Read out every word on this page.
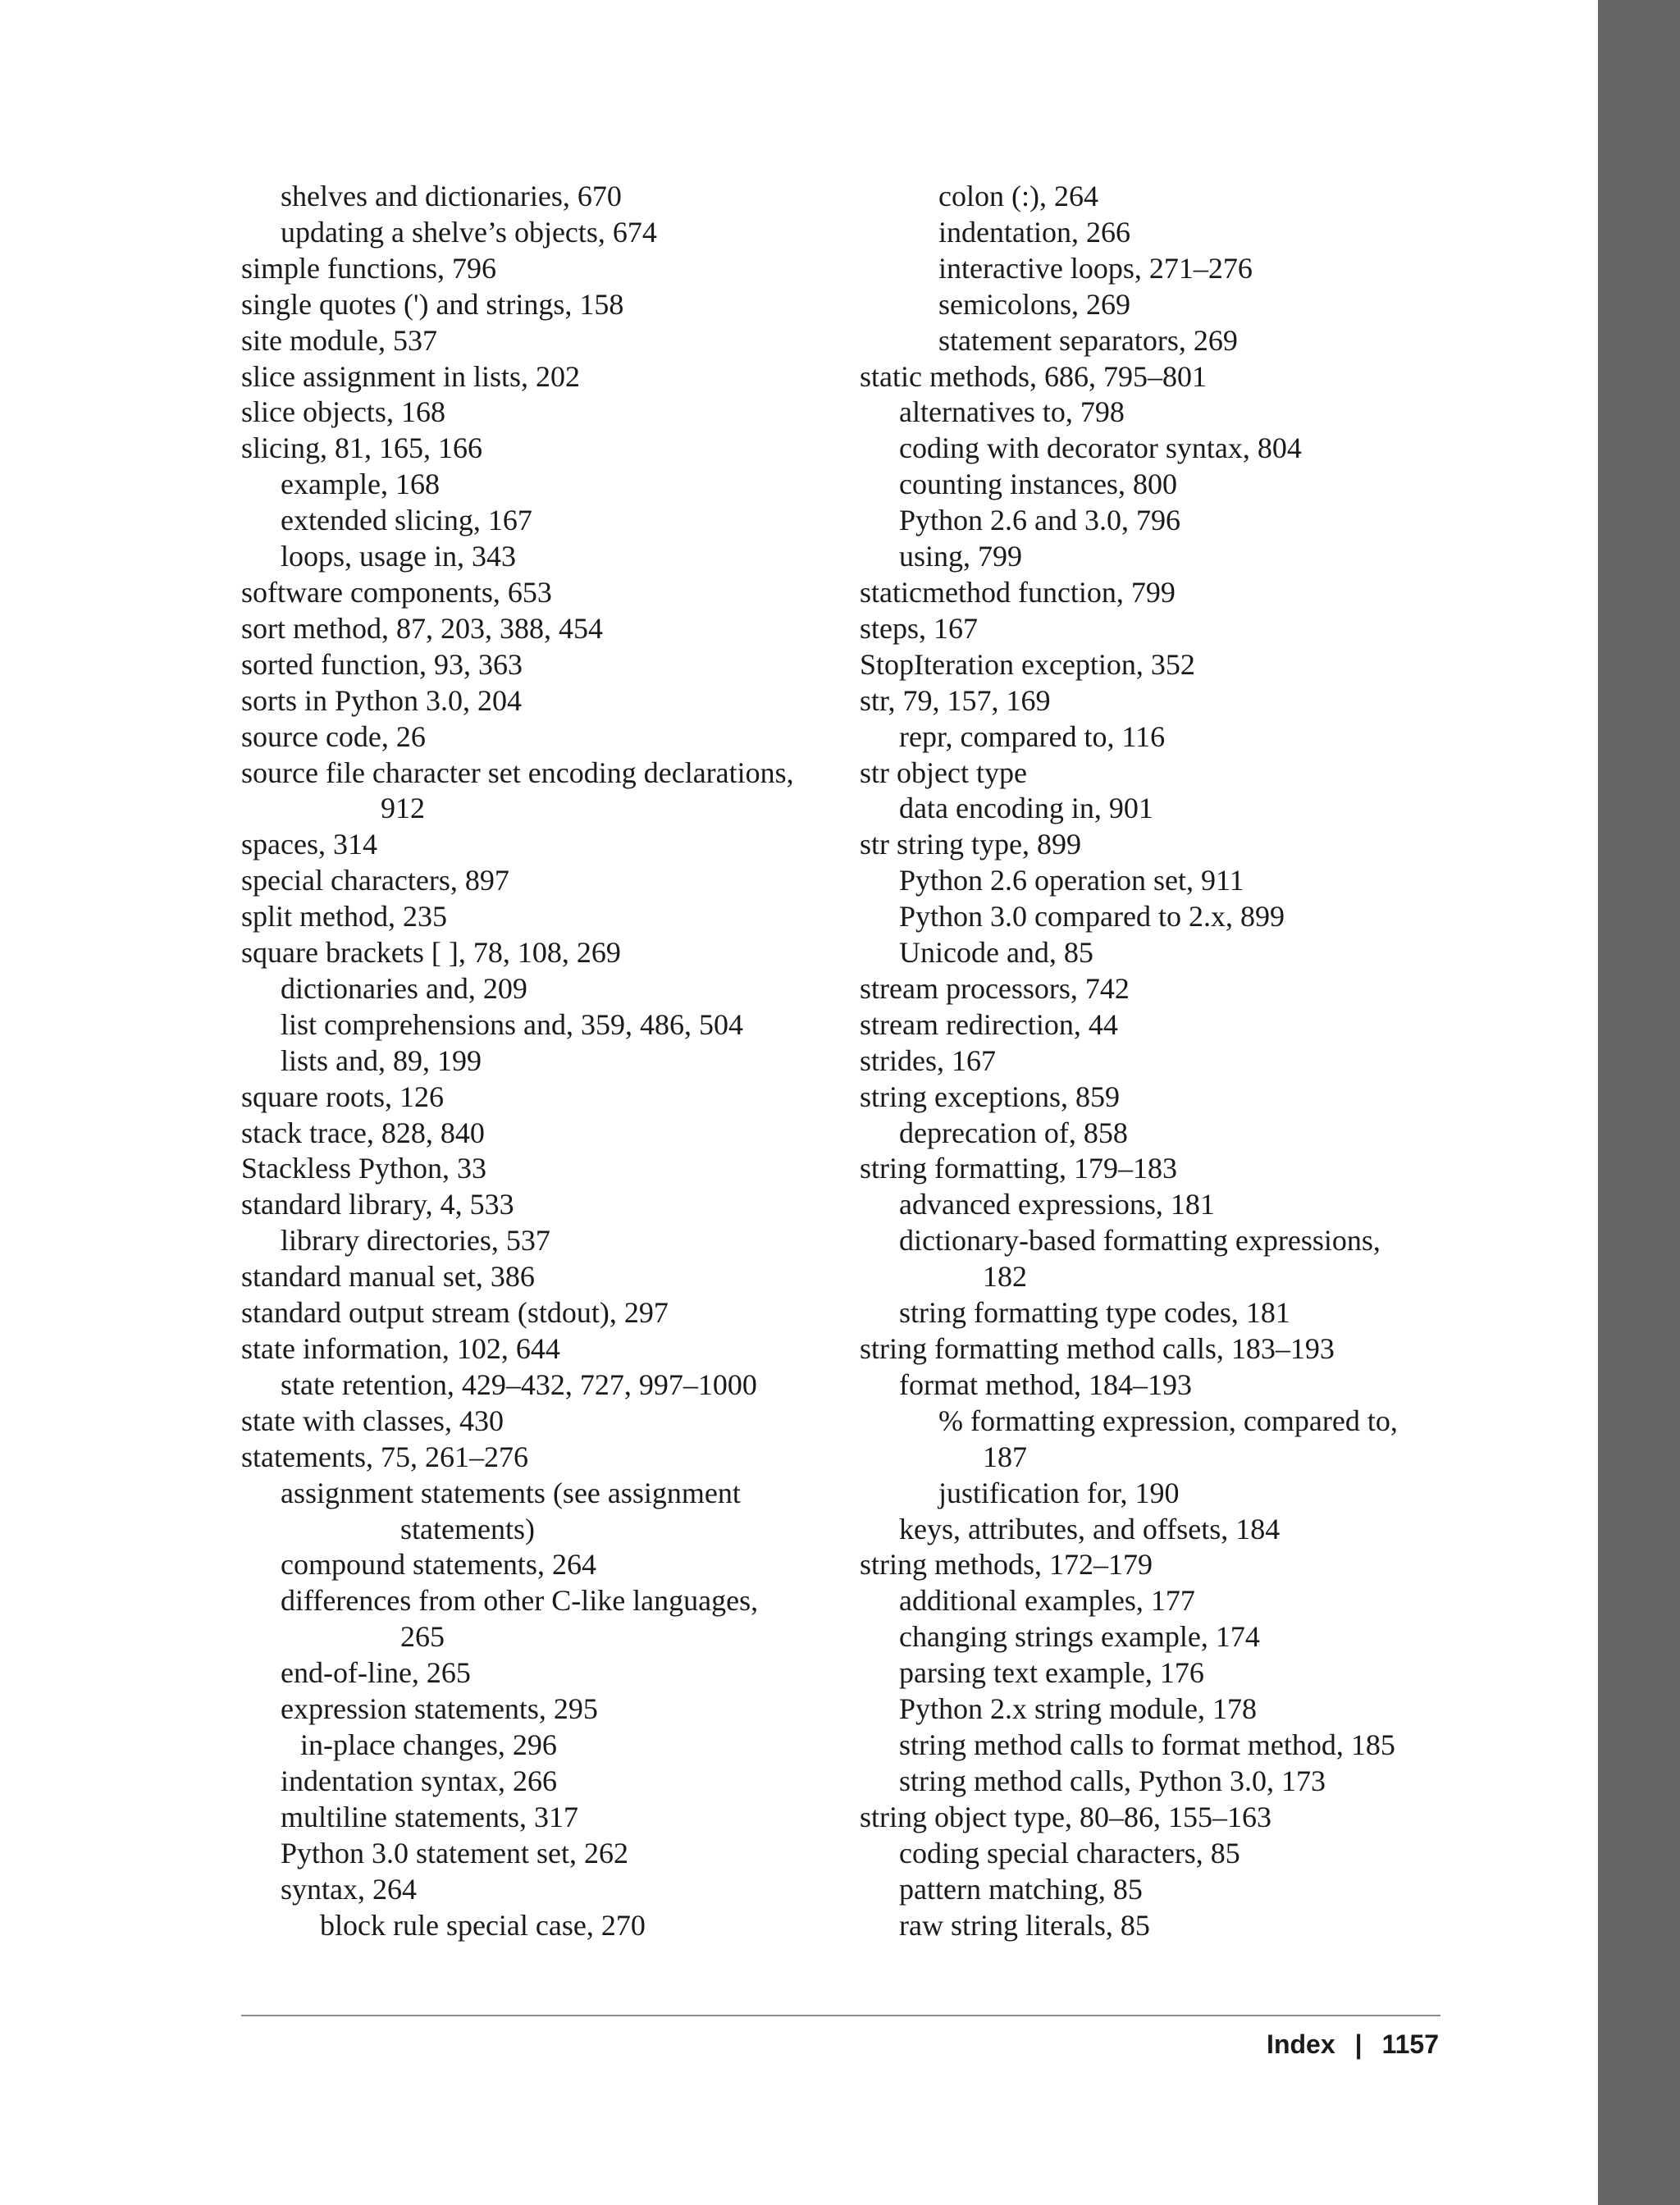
shelves and dictionaries, 670
updating a shelve’s objects, 674
simple functions, 796
single quotes (') and strings, 158
site module, 537
slice assignment in lists, 202
slice objects, 168
slicing, 81, 165, 166
example, 168
extended slicing, 167
loops, usage in, 343
software components, 653
sort method, 87, 203, 388, 454
sorted function, 93, 363
sorts in Python 3.0, 204
source code, 26
source file character set encoding declarations,
912
spaces, 314
special characters, 897
split method, 235
square brackets [ ], 78, 108, 269
dictionaries and, 209
list comprehensions and, 359, 486, 504
lists and, 89, 199
square roots, 126
stack trace, 828, 840
Stackless Python, 33
standard library, 4, 533
library directories, 537
standard manual set, 386
standard output stream (stdout), 297
state information, 102, 644
state retention, 429–432, 727, 997–1000
state with classes, 430
statements, 75, 261–276
assignment statements (see assignment
statements)
compound statements, 264
differences from other C-like languages,
265
end-of-line, 265
expression statements, 295
in-place changes, 296
indentation syntax, 266
multiline statements, 317
Python 3.0 statement set, 262
syntax, 264
block rule special case, 270
colon (:), 264
indentation, 266
interactive loops, 271–276
semicolons, 269
statement separators, 269
static methods, 686, 795–801
alternatives to, 798
coding with decorator syntax, 804
counting instances, 800
Python 2.6 and 3.0, 796
using, 799
staticmethod function, 799
steps, 167
StopIteration exception, 352
str, 79, 157, 169
repr, compared to, 116
str object type
data encoding in, 901
str string type, 899
Python 2.6 operation set, 911
Python 3.0 compared to 2.x, 899
Unicode and, 85
stream processors, 742
stream redirection, 44
strides, 167
string exceptions, 859
deprecation of, 858
string formatting, 179–183
advanced expressions, 181
dictionary-based formatting expressions,
182
string formatting type codes, 181
string formatting method calls, 183–193
format method, 184–193
% formatting expression, compared to,
187
justification for, 190
keys, attributes, and offsets, 184
string methods, 172–179
additional examples, 177
changing strings example, 174
parsing text example, 176
Python 2.x string module, 178
string method calls to format method, 185
string method calls, Python 3.0, 173
string object type, 80–86, 155–163
coding special characters, 85
pattern matching, 85
raw string literals, 85
Index | 1157
